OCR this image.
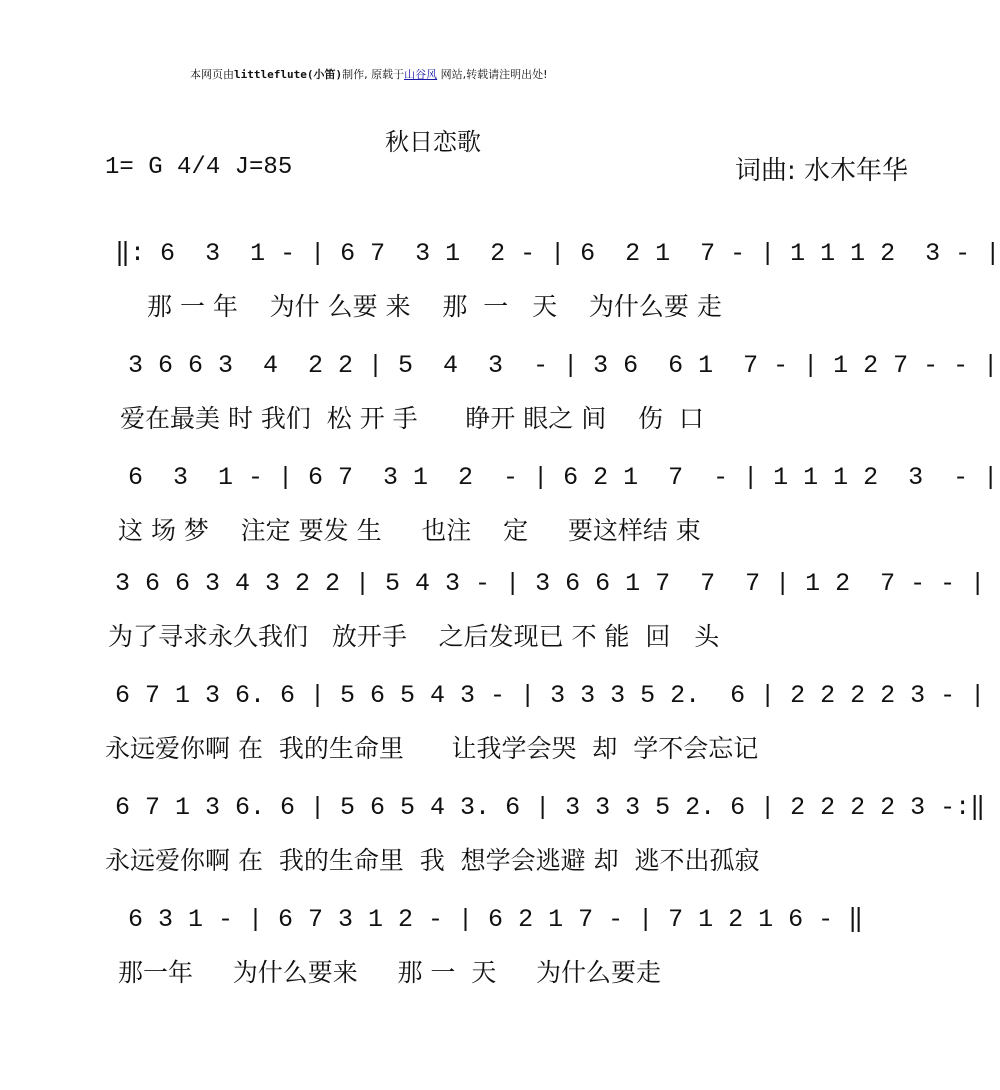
本网页由littleflute(小笛)制作, 原载于山谷风 网站,转载请注明出处!
秋日恋歌
1= G 4/4 J=85	词曲: 水木年华
‖: 6  3  1 - | 6 7  3 1  2 - | 6  2 1  7 - | 1 1 1 2  3 - |
那 一 年    为什 么要 来    那  一   天    为什么要 走
3 6 6 3  4  2 2 | 5  4  3  - | 3 6  6 1  7 - | 1 2 7 - - |
爱在最美 时 我们  松 开 手      睁开 眼之 间    伤  口
6  3  1 - | 6 7  3 1  2  - | 6 2 1  7  - | 1 1 1 2  3  - |
这 场 梦    注定 要发 生     也注    定     要这样结 束
3 6 6 3 4 3 2 2 | 5 4 3 - | 3 6 6 1 7  7  7 | 1 2  7 - - |
为了寻求永久我们   放开手    之后发现已 不 能  回   头
6 7 1 3 6. 6 | 5 6 5 4 3 - | 3 3 3 5 2.  6 | 2 2 2 2 3 - |
永远爱你啊 在  我的生命里      让我学会哭  却  学不会忘记
6 7 1 3 6. 6 | 5 6 5 4 3. 6 | 3 3 3 5 2. 6 | 2 2 2 2 3 -:‖
永远爱你啊 在  我的生命里  我  想学会逃避 却  逃不出孤寂
6 3 1 - | 6 7 3 1 2 - | 6 2 1 7 - | 7 1 2 1 6 - ‖
那一年     为什么要来     那 一  天     为什么要走
